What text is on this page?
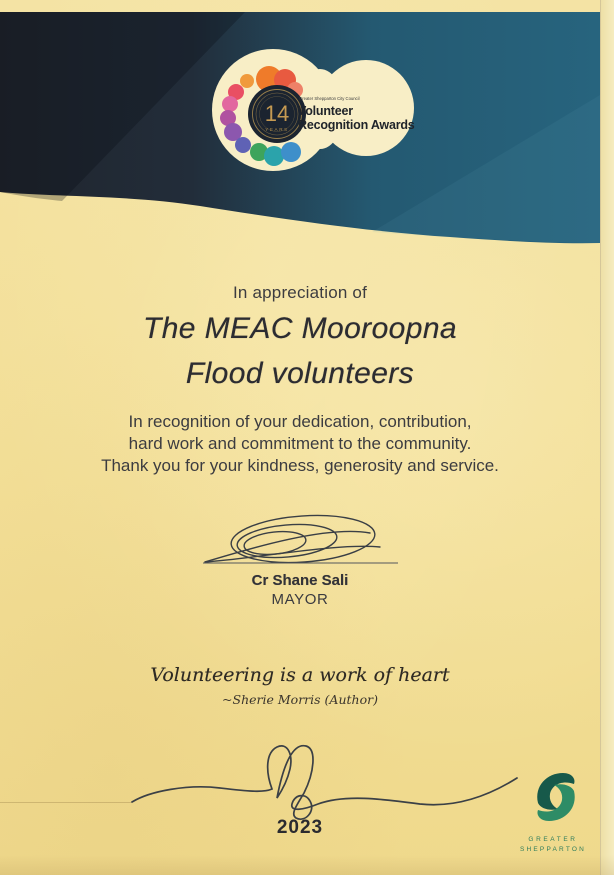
14
YEARS
Greater Shepparton City Council
Volunteer
Recognition Awards
In appreciation of
The MEAC Mooroopna
Flood volunteers
In recognition of your dedication, contribution,
hard work and commitment to the community.
Thank you for your kindness, generosity and service.
Cr Shane Sali
MAYOR
Volunteering is a work of heart
~Sherie Morris (Author)
2023
GREATER
SHEPPARTON
